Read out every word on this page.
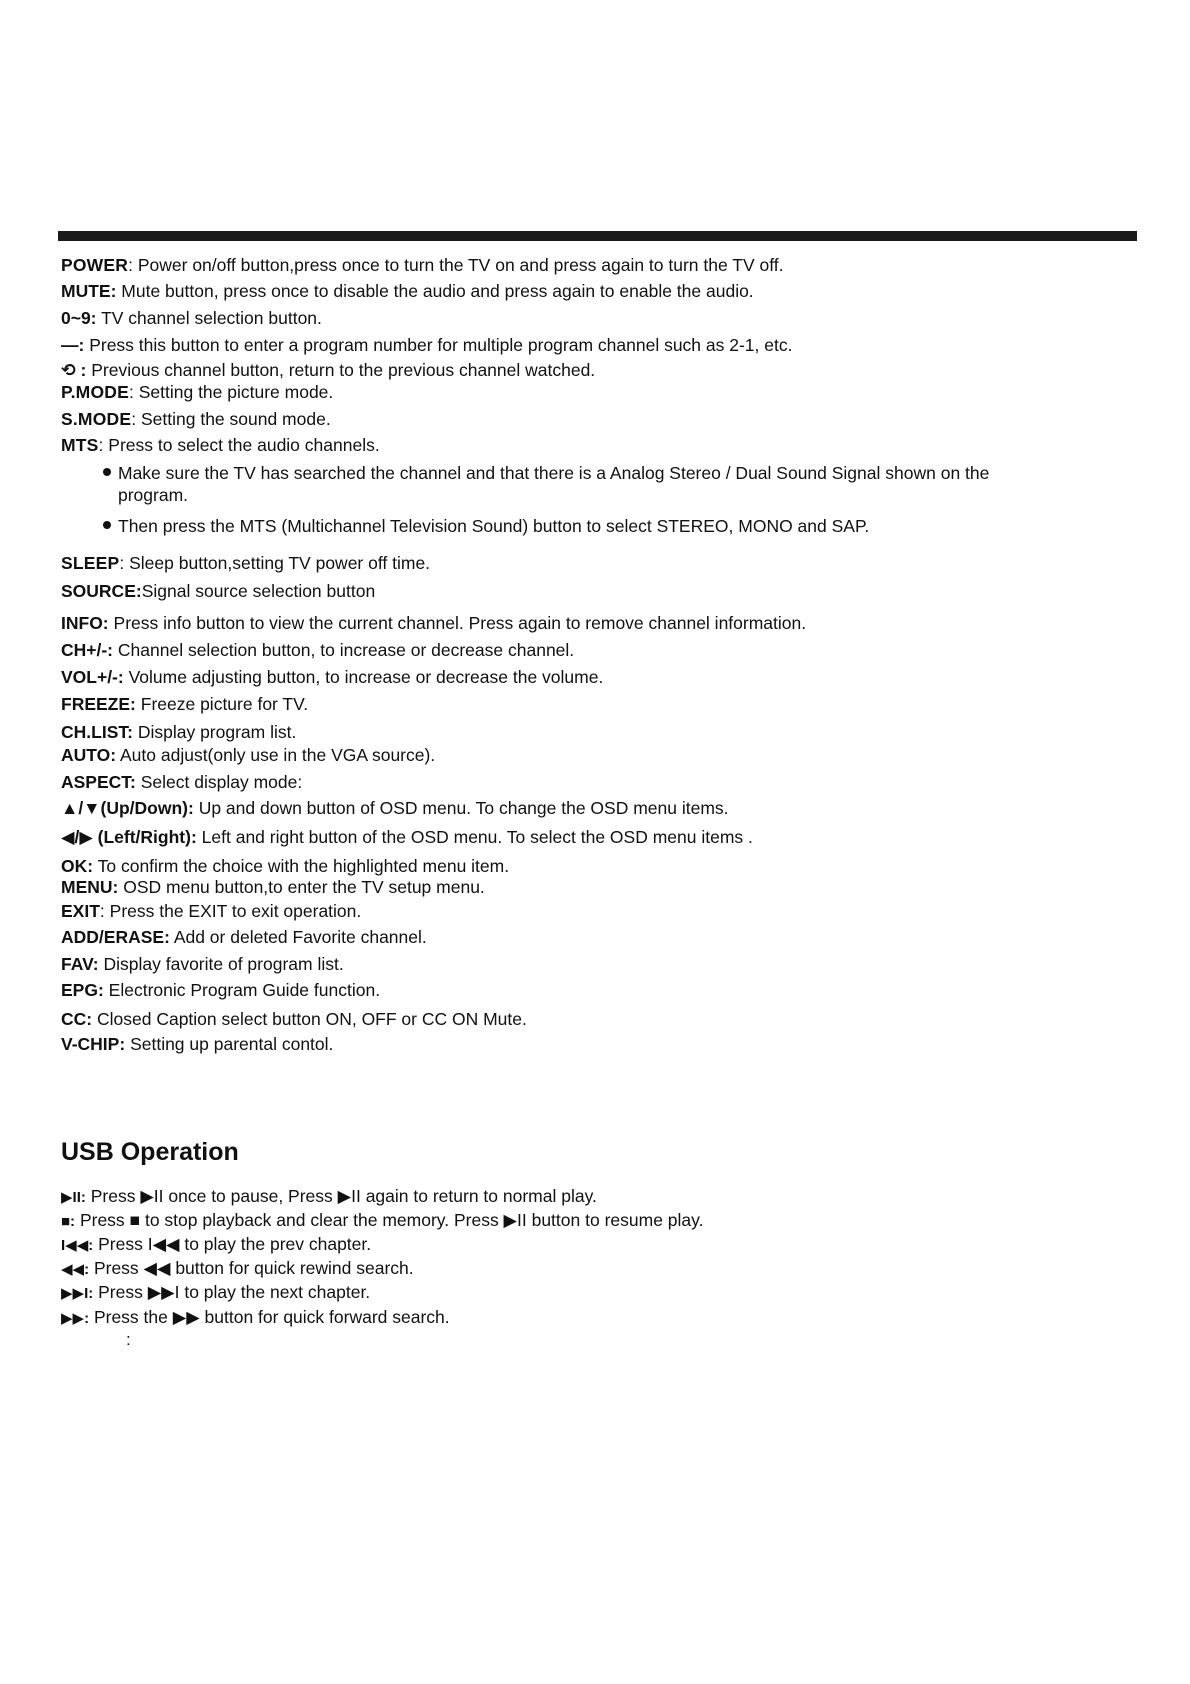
POWER: Power on/off button,press once to turn the TV on and press again to turn the TV off.
MUTE: Mute button, press once to disable the audio and press again to enable the audio.
0~9: TV channel selection button.
—: Press this button to enter a program number for multiple program channel such as 2-1, etc.
⟲ : Previous channel button, return to the previous channel watched.
P.MODE: Setting the picture mode.
S.MODE: Setting the sound mode.
MTS: Press to select the audio channels.
Make sure the TV has searched the channel and that there is a Analog Stereo / Dual Sound Signal shown on the program.
Then press the MTS (Multichannel Television Sound) button to select STEREO, MONO and SAP.
SLEEP: Sleep button,setting TV power off time.
SOURCE:Signal source selection button
INFO: Press info button to view the current channel. Press again to remove channel information.
CH+/-: Channel selection button, to increase or decrease channel.
VOL+/-: Volume adjusting button, to increase or decrease the volume.
FREEZE: Freeze picture for TV.
CH.LIST: Display program list.
AUTO: Auto adjust(only use in the VGA source).
ASPECT: Select display mode:
▲/▼(Up/Down): Up and down button of OSD menu. To change the OSD menu items.
◀/▶ (Left/Right): Left and right button of the OSD menu. To select the OSD menu items .
OK: To confirm the choice with the highlighted menu item.
MENU: OSD menu button,to enter the TV setup menu.
EXIT: Press the EXIT to exit operation.
ADD/ERASE: Add or deleted Favorite channel.
FAV: Display favorite of program list.
EPG: Electronic Program Guide function.
CC: Closed Caption select button ON, OFF or CC ON Mute.
V-CHIP: Setting up parental contol.
USB Operation
▶II: Press ▶II once to pause, Press ▶II again to return to normal play.
■: Press ■ to stop playback and clear the memory. Press ▶II button to resume play.
I◀◀: Press I◀◀ to play the prev chapter.
◀◀: Press ◀◀ button for quick rewind search.
▶▶I: Press ▶▶I to play the next chapter.
▶▶: Press the ▶▶ button for quick forward search.
:
